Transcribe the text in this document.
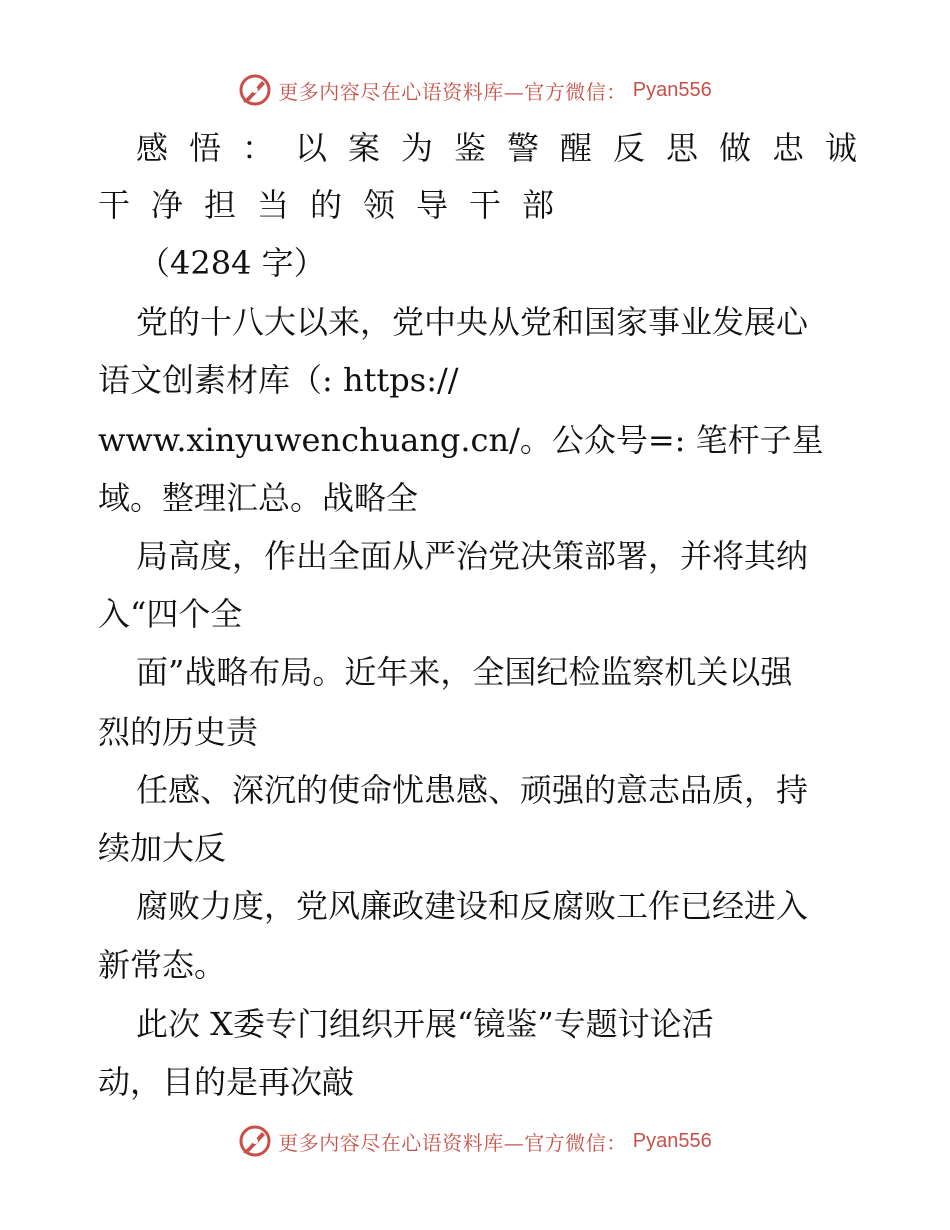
更多内容尽在心语资料库—官方微信： Pyan556
感悟：以案为鉴警醒反思做忠诚
干净担当的领导干部
（4284 字）
党的十八大以来，党中央从党和国家事业发展心
语文创素材库（: https://
www.xinyuwenchuang.cn/。公众号=: 笔杆子星
域。整理汇总。战略全
局高度，作出全面从严治党决策部署，并将其纳
入“四个全
面”战略布局。近年来，全国纪检监察机关以强
烈的历史责
任感、深沉的使命忧患感、顽强的意志品质，持
续加大反
腐败力度，党风廉政建设和反腐败工作已经进入
新常态。
此次 X委专门组织开展“镜鉴”专题讨论活
动，目的是再次敲
更多内容尽在心语资料库—官方微信： Pyan556
